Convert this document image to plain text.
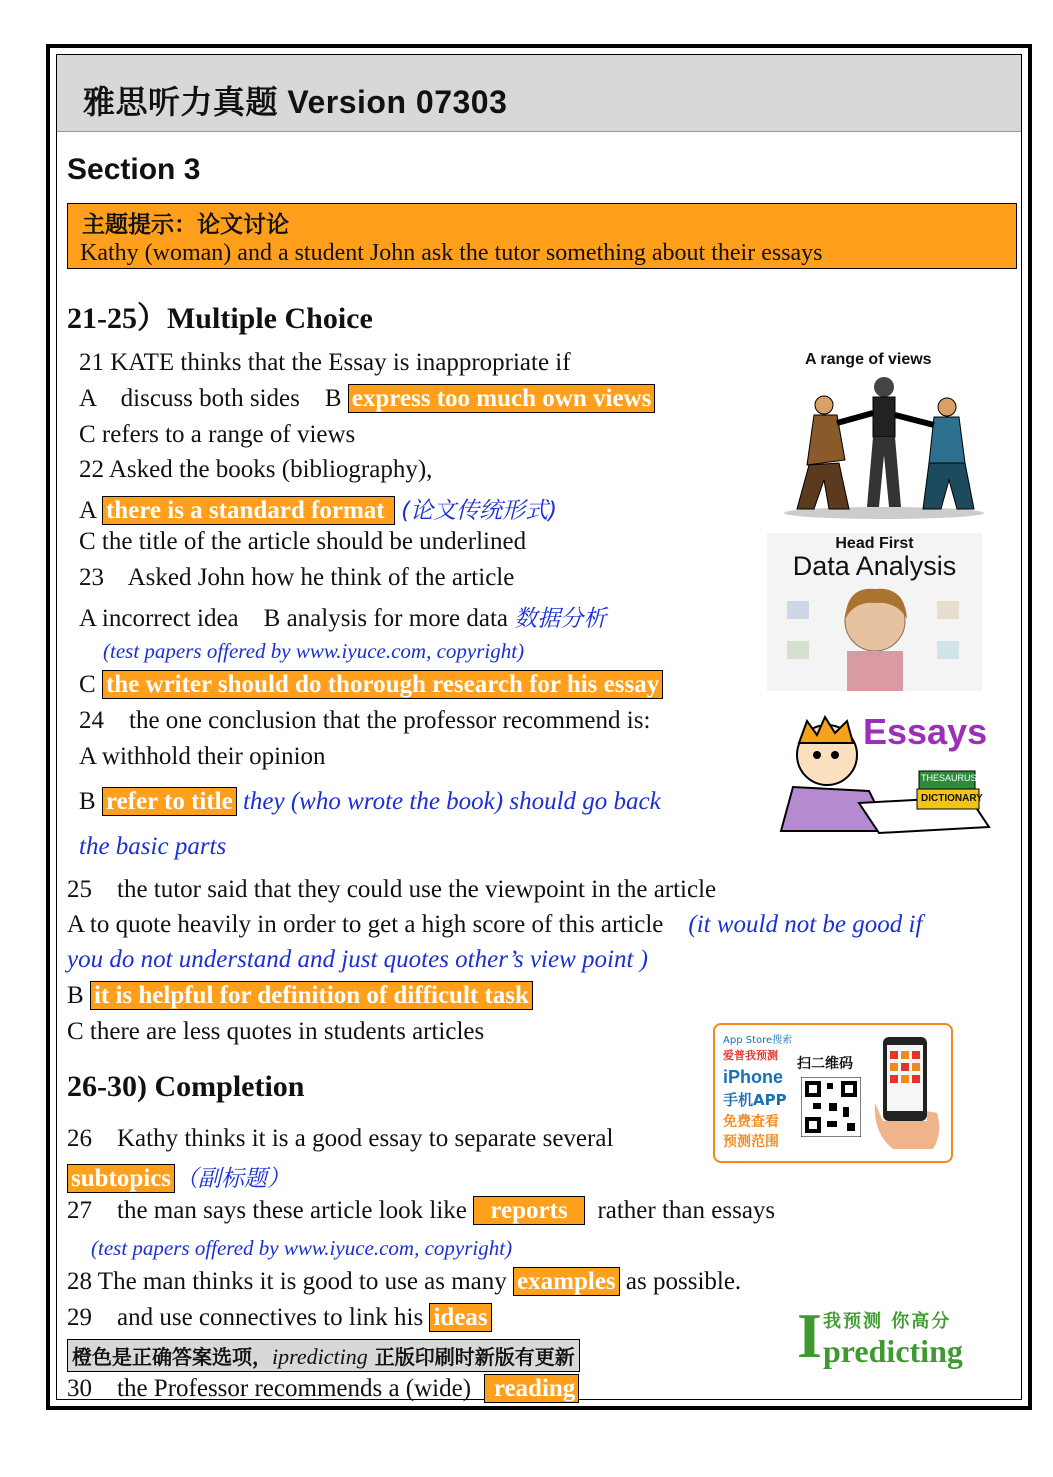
雅思听力真题 Version 07303
Section 3
主题提示：论文讨论
Kathy (woman) and a student John ask the tutor something about their essays
21-25）Multiple Choice
21 KATE thinks that the Essay is inappropriate if
A    discuss both sides    B express too much own views
C refers to a range of views
22 Asked the books (bibliography),
A there is a standard format  (论文传统形式)
C the title of the article should be underlined
23    Asked John how he think of the article
A incorrect idea    B analysis for more data 数据分析
(test papers offered by www.iyuce.com, copyright)
C the writer should do thorough research for his essay
24    the one conclusion that the professor recommend is:
A withhold their opinion
B refer to title they (who wrote the book) should go back
the basic parts
25    the tutor said that they could use the viewpoint in the article
A to quote heavily in order to get a high score of this article    (it would not be good if
you do not understand and just quotes other’s view point )
B it is helpful for definition of difficult task
C there are less quotes in students articles
26-30) Completion
26    Kathy thinks it is a good essay to separate several
subtopics （副标题）
27    the man says these article look like  reports   rather than essays
(test papers offered by www.iyuce.com, copyright)
28 The man thinks it is good to use as many examples as possible.
29    and use connectives to link his ideas
橙色是正确答案选项，ipredicting 正版印刷时新版有更新
30    the Professor recommends a (wide)   reading
A range of views
Head First
Data Analysis
Essays
THESAURUS
DICTIONARY
App Store搜索
爱普我预测
iPhone
手机APP
免费查看
预测范围
扫二维码
I 我预测 你高分
predicting
